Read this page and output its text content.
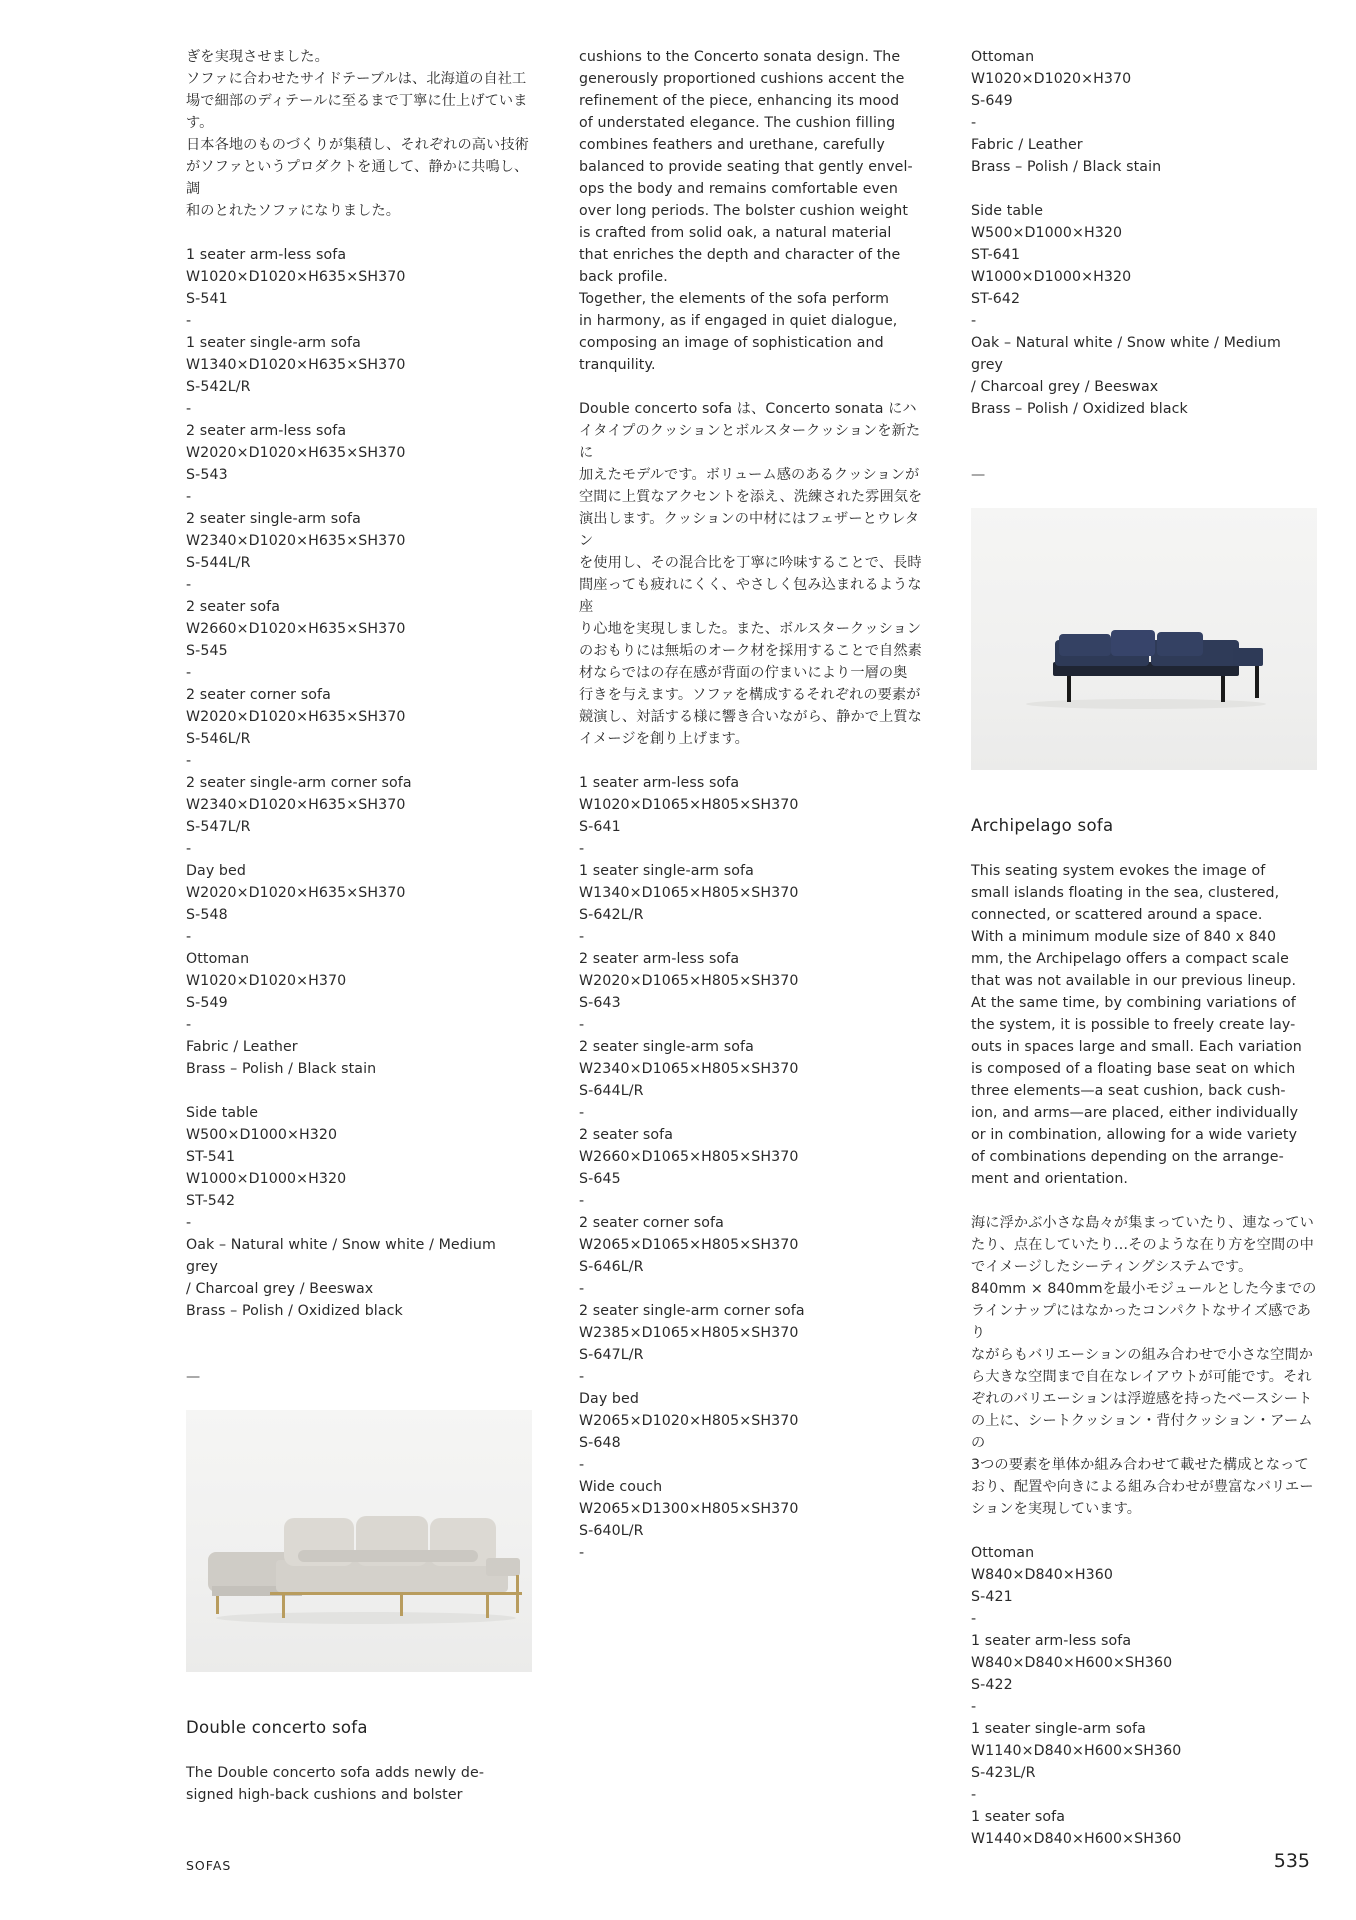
ぎを実現させました。
ソファに合わせたサイドテーブルは、北海道の自社工
場で細部のディテールに至るまで丁寧に仕上げていま
す。
日本各地のものづくりが集積し、それぞれの高い技術
がソファというプロダクトを通して、静かに共鳴し、調
和のとれたソファになりました。
1 seater arm-less sofa
W1020×D1020×H635×SH370
S-541
-
1 seater single-arm sofa
W1340×D1020×H635×SH370
S-542L/R
-
2 seater arm-less sofa
W2020×D1020×H635×SH370
S-543
-
2 seater single-arm sofa
W2340×D1020×H635×SH370
S-544L/R
-
2 seater sofa
W2660×D1020×H635×SH370
S-545
-
2 seater corner sofa
W2020×D1020×H635×SH370
S-546L/R
-
2 seater single-arm corner sofa
W2340×D1020×H635×SH370
S-547L/R
-
Day bed
W2020×D1020×H635×SH370
S-548
-
Ottoman
W1020×D1020×H370
S-549
-
Fabric / Leather
Brass – Polish / Black stain
Side table
W500×D1000×H320
ST-541
W1000×D1000×H320
ST-542
-
Oak – Natural white / Snow white / Medium grey
/ Charcoal grey / Beeswax
Brass – Polish / Oxidized black
—
Double concerto sofa
The Double concerto sofa adds newly de-
signed high-back cushions and bolster
cushions to the Concerto sonata design. The
generously proportioned cushions accent the
refinement of the piece, enhancing its mood
of understated elegance. The cushion filling
combines feathers and urethane, carefully
balanced to provide seating that gently envel-
ops the body and remains comfortable even
over long periods. The bolster cushion weight
is crafted from solid oak, a natural material
that enriches the depth and character of the
back profile.
Together, the elements of the sofa perform
in harmony, as if engaged in quiet dialogue,
composing an image of sophistication and
tranquility.
Double concerto sofa は、Concerto sonata にハ
イタイプのクッションとボルスタークッションを新たに
加えたモデルです。ボリューム感のあるクッションが
空間に上質なアクセントを添え、洗練された雰囲気を
演出します。クッションの中材にはフェザーとウレタン
を使用し、その混合比を丁寧に吟味することで、長時
間座っても疲れにくく、やさしく包み込まれるような座
り心地を実現しました。また、ボルスタークッション
のおもりには無垢のオーク材を採用することで自然素
材ならではの存在感が背面の佇まいにより一層の奥
行きを与えます。ソファを構成するそれぞれの要素が
競演し、対話する様に響き合いながら、静かで上質な
イメージを創り上げます。
1 seater arm-less sofa
W1020×D1065×H805×SH370
S-641
-
1 seater single-arm sofa
W1340×D1065×H805×SH370
S-642L/R
-
2 seater arm-less sofa
W2020×D1065×H805×SH370
S-643
-
2 seater single-arm sofa
W2340×D1065×H805×SH370
S-644L/R
-
2 seater sofa
W2660×D1065×H805×SH370
S-645
-
2 seater corner sofa
W2065×D1065×H805×SH370
S-646L/R
-
2 seater single-arm corner sofa
W2385×D1065×H805×SH370
S-647L/R
-
Day bed
W2065×D1020×H805×SH370
S-648
-
Wide couch
W2065×D1300×H805×SH370
S-640L/R
-
Ottoman
W1020×D1020×H370
S-649
-
Fabric / Leather
Brass – Polish / Black stain
Side table
W500×D1000×H320
ST-641
W1000×D1000×H320
ST-642
-
Oak – Natural white / Snow white / Medium grey
/ Charcoal grey / Beeswax
Brass – Polish / Oxidized black
—
Archipelago sofa
This seating system evokes the image of
small islands floating in the sea, clustered,
connected, or scattered around a space.
With a minimum module size of 840 x 840
mm, the Archipelago offers a compact scale
that was not available in our previous lineup.
At the same time, by combining variations of
the system, it is possible to freely create lay-
outs in spaces large and small. Each variation
is composed of a floating base seat on which
three elements—a seat cushion, back cush-
ion, and arms—are placed, either individually
or in combination, allowing for a wide variety
of combinations depending on the arrange-
ment and orientation.
海に浮かぶ小さな島々が集まっていたり、連なってい
たり、点在していたり…そのような在り方を空間の中
でイメージしたシーティングシステムです。
840mm × 840mmを最小モジュールとした今までの
ラインナップにはなかったコンパクトなサイズ感であり
ながらもバリエーションの組み合わせで小さな空間か
ら大きな空間まで自在なレイアウトが可能です。それ
ぞれのバリエーションは浮遊感を持ったベースシート
の上に、シートクッション・背付クッション・アームの
3つの要素を単体か組み合わせて載せた構成となって
おり、配置や向きによる組み合わせが豊富なバリエー
ションを実現しています。
Ottoman
W840×D840×H360
S-421
-
1 seater arm-less sofa
W840×D840×H600×SH360
S-422
-
1 seater single-arm sofa
W1140×D840×H600×SH360
S-423L/R
-
1 seater sofa
W1440×D840×H600×SH360
SOFAS	535
